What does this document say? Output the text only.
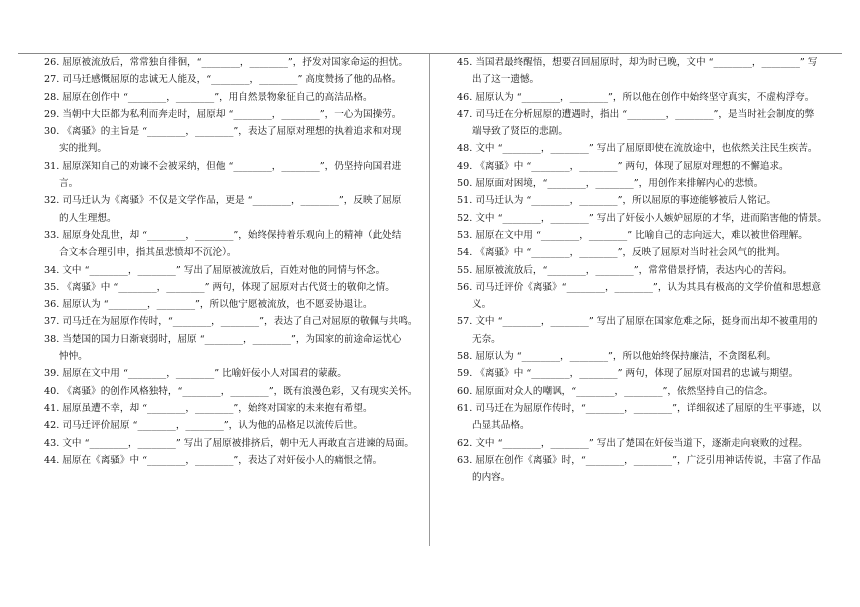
26. 屈原被流放后，常常独自徘徊，“________，________”，抒发对国家命运的担忧。
27. 司马迁感慨屈原的忠诚无人能及，“________，________” 高度赞扬了他的品格。
28. 屈原在创作中 “________，________”，用自然景物象征自己的高洁品格。
29. 当朝中大臣都为私利而奔走时，屈原却 “________，________”，一心为国操劳。
30. 《离骚》的主旨是 “________，________”，表达了屈原对理想的执着追求和对现
实的批判。
31. 屈原深知自己的劝谏不会被采纳，但他 “________，________”，仍坚持向国君进
言。
32. 司马迁认为《离骚》不仅是文学作品，更是 “________，________”，反映了屈原
的人生理想。
33. 屈原身处乱世，却 “________，________”，始终保持着乐观向上的精神（此处结
合文本合理引申，指其虽悲愤却不沉沦）。
34. 文中 “________，________” 写出了屈原被流放后，百姓对他的同情与怀念。
35. 《离骚》中 “________，________” 两句，体现了屈原对古代贤士的敬仰之情。
36. 屈原认为 “________，________”，所以他宁愿被流放，也不愿妥协退让。
37. 司马迁在为屈原作传时，“________，________”，表达了自己对屈原的敬佩与共鸣。
38. 当楚国的国力日渐衰弱时，屈原 “________，________”，为国家的前途命运忧心
忡忡。
39. 屈原在文中用 “________，________” 比喻奸佞小人对国君的蒙蔽。
40. 《离骚》的创作风格独特，“________，________”，既有浪漫色彩，又有现实关怀。
41. 屈原虽遭不幸，却 “________，________”，始终对国家的未来抱有希望。
42. 司马迁评价屈原 “________，________”，认为他的品格足以流传后世。
43. 文中 “________，________” 写出了屈原被排挤后，朝中无人再敢直言进谏的局面。
44. 屈原在《离骚》中 “________，________”，表达了对奸佞小人的痛恨之情。
45. 当国君最终醒悟，想要召回屈原时，却为时已晚，文中 “________，________” 写
出了这一遗憾。
46. 屈原认为 “________，________”，所以他在创作中始终坚守真实，不虚构浮夸。
47. 司马迁在分析屈原的遭遇时，指出 “________，________”，是当时社会制度的弊
端导致了贤臣的悲剧。
48. 文中 “________，________” 写出了屈原即使在流放途中，也依然关注民生疾苦。
49. 《离骚》中 “________，________” 两句，体现了屈原对理想的不懈追求。
50. 屈原面对困境，“________，________”，用创作来排解内心的悲愤。
51. 司马迁认为 “________，________”，所以屈原的事迹能够被后人铭记。
52. 文中 “________，________” 写出了奸佞小人嫉妒屈原的才华，进而陷害他的情景。
53. 屈原在文中用 “________，________” 比喻自己的志向远大，难以被世俗理解。
54. 《离骚》中 “________，________”，反映了屈原对当时社会风气的批判。
55. 屈原被流放后，“________，________”，常常借景抒情，表达内心的苦闷。
56. 司马迁评价《离骚》“________，________”，认为其具有极高的文学价值和思想意
义。
57. 文中 “________，________” 写出了屈原在国家危难之际，挺身而出却不被重用的
无奈。
58. 屈原认为 “________，________”，所以他始终保持廉洁，不贪图私利。
59. 《离骚》中 “________，________” 两句，体现了屈原对国君的忠诚与期望。
60. 屈原面对众人的嘲讽，“________，________”，依然坚持自己的信念。
61. 司马迁在为屈原作传时，“________，________”，详细叙述了屈原的生平事迹，以
凸显其品格。
62. 文中 “________，________” 写出了楚国在奸佞当道下，逐渐走向衰败的过程。
63. 屈原在创作《离骚》时，“________，________”，广泛引用神话传说，丰富了作品
的内容。
